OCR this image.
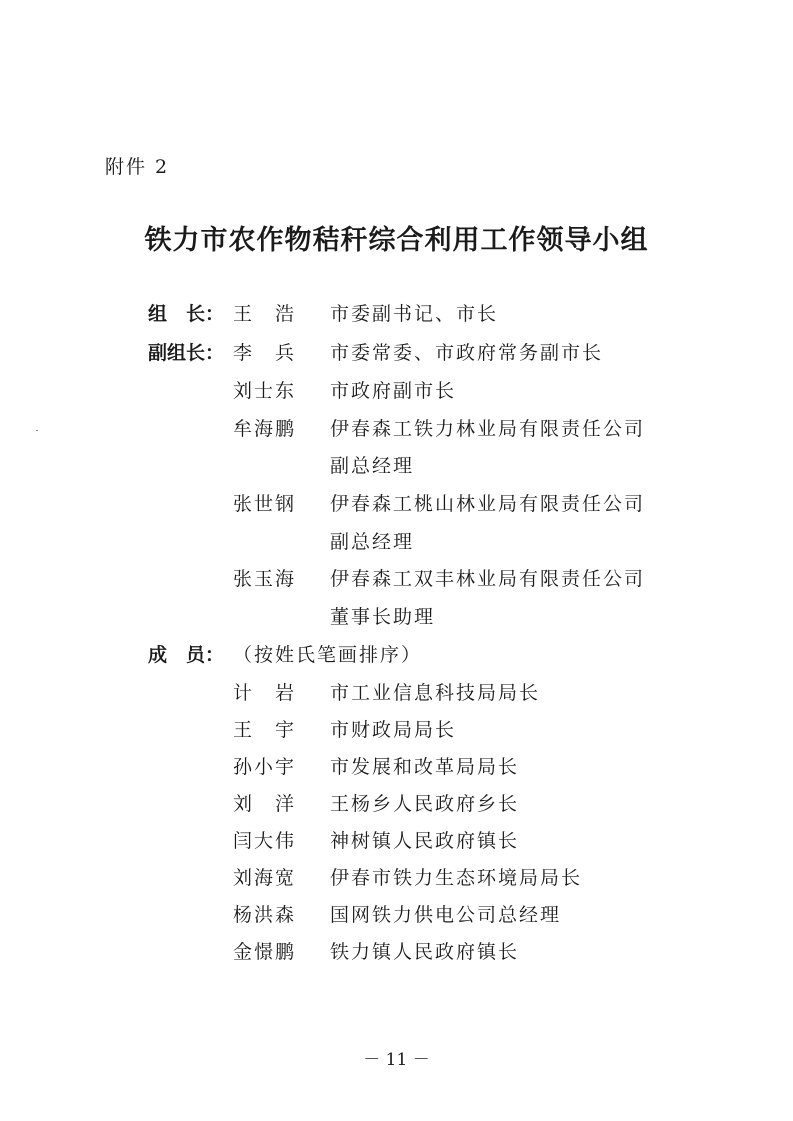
附件 2
铁力市农作物秸秆综合利用工作领导小组
组　长： 王　浩 市委副书记、市长
副组长： 李　兵 市委常委、市政府常务副市长
刘士东 市政府副市长
牟海鹏 伊春森工铁力林业局有限责任公司
副总经理
张世钢 伊春森工桃山林业局有限责任公司
副总经理
张玉海 伊春森工双丰林业局有限责任公司
董事长助理
成　员： （按姓氏笔画排序）
计　岩 市工业信息科技局局长
王　宇 市财政局局长
孙小宇 市发展和改革局局长
刘　洋 王杨乡人民政府乡长
闫大伟 神树镇人民政府镇长
刘海宽 伊春市铁力生态环境局局长
杨洪森 国网铁力供电公司总经理
金憬鹏 铁力镇人民政府镇长
－ 11 －
